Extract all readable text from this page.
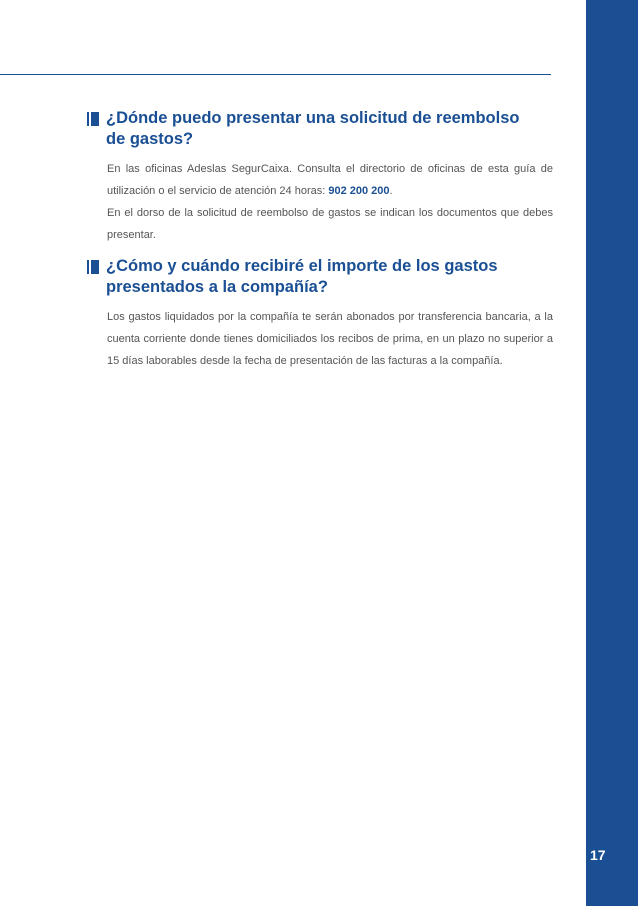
¿Dónde puedo presentar una solicitud de reembolso
de gastos?

En las oficinas Adeslas SegurCaixa. Consulta el directorio de oficinas de esta guía de utilización o el servicio de atención 24 horas: 902 200 200.
En el dorso de la solicitud de reembolso de gastos se indican los documentos que debes presentar.

¿Cómo y cuándo recibiré el importe de los gastos
presentados a la compañía?

Los gastos liquidados por la compañía te serán abonados por transferencia bancaria, a la cuenta corriente donde tienes domiciliados los recibos de prima, en un plazo no superior a 15 días laborables desde la fecha de presentación de las facturas a la compañía.

17
